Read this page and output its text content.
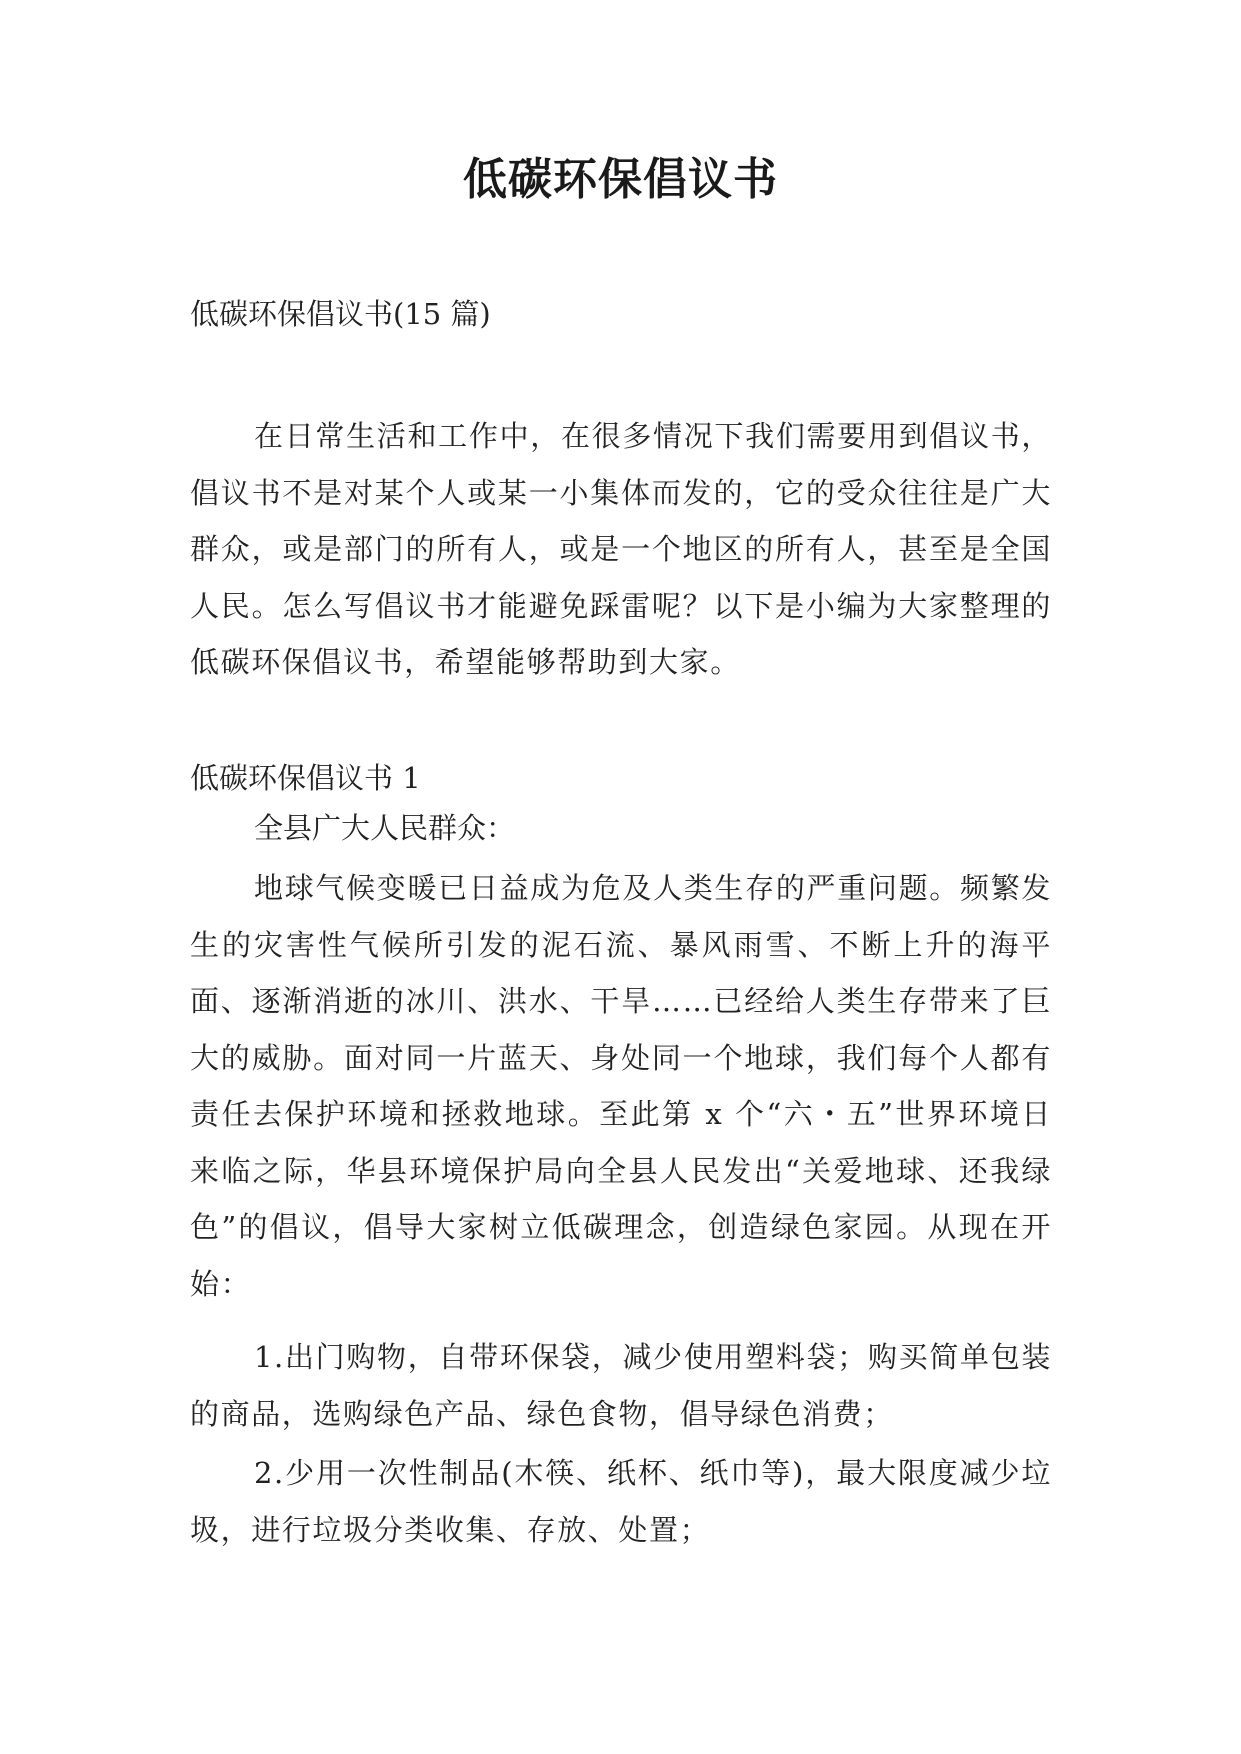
低碳环保倡议书
低碳环保倡议书(15 篇)

在日常生活和工作中，在很多情况下我们需要用到倡议书，倡议书不是对某个人或某一小集体而发的，它的受众往往是广大群众，或是部门的所有人，或是一个地区的所有人，甚至是全国人民。怎么写倡议书才能避免踩雷呢？以下是小编为大家整理的低碳环保倡议书，希望能够帮助到大家。

低碳环保倡议书 1
全县广大人民群众：

地球气候变暖已日益成为危及人类生存的严重问题。频繁发生的灾害性气候所引发的泥石流、暴风雨雪、不断上升的海平面、逐渐消逝的冰川、洪水、干旱……已经给人类生存带来了巨大的威胁。面对同一片蓝天、身处同一个地球，我们每个人都有责任去保护环境和拯救地球。至此第 x 个“六・五”世界环境日来临之际，华县环境保护局向全县人民发出“关爱地球、还我绿色”的倡议，倡导大家树立低碳理念，创造绿色家园。从现在开始：

1.出门购物，自带环保袋，减少使用塑料袋；购买简单包装的商品，选购绿色产品、绿色食物，倡导绿色消费；

2.少用一次性制品(木筷、纸杯、纸巾等)，最大限度减少垃圾，进行垃圾分类收集、存放、处置；
